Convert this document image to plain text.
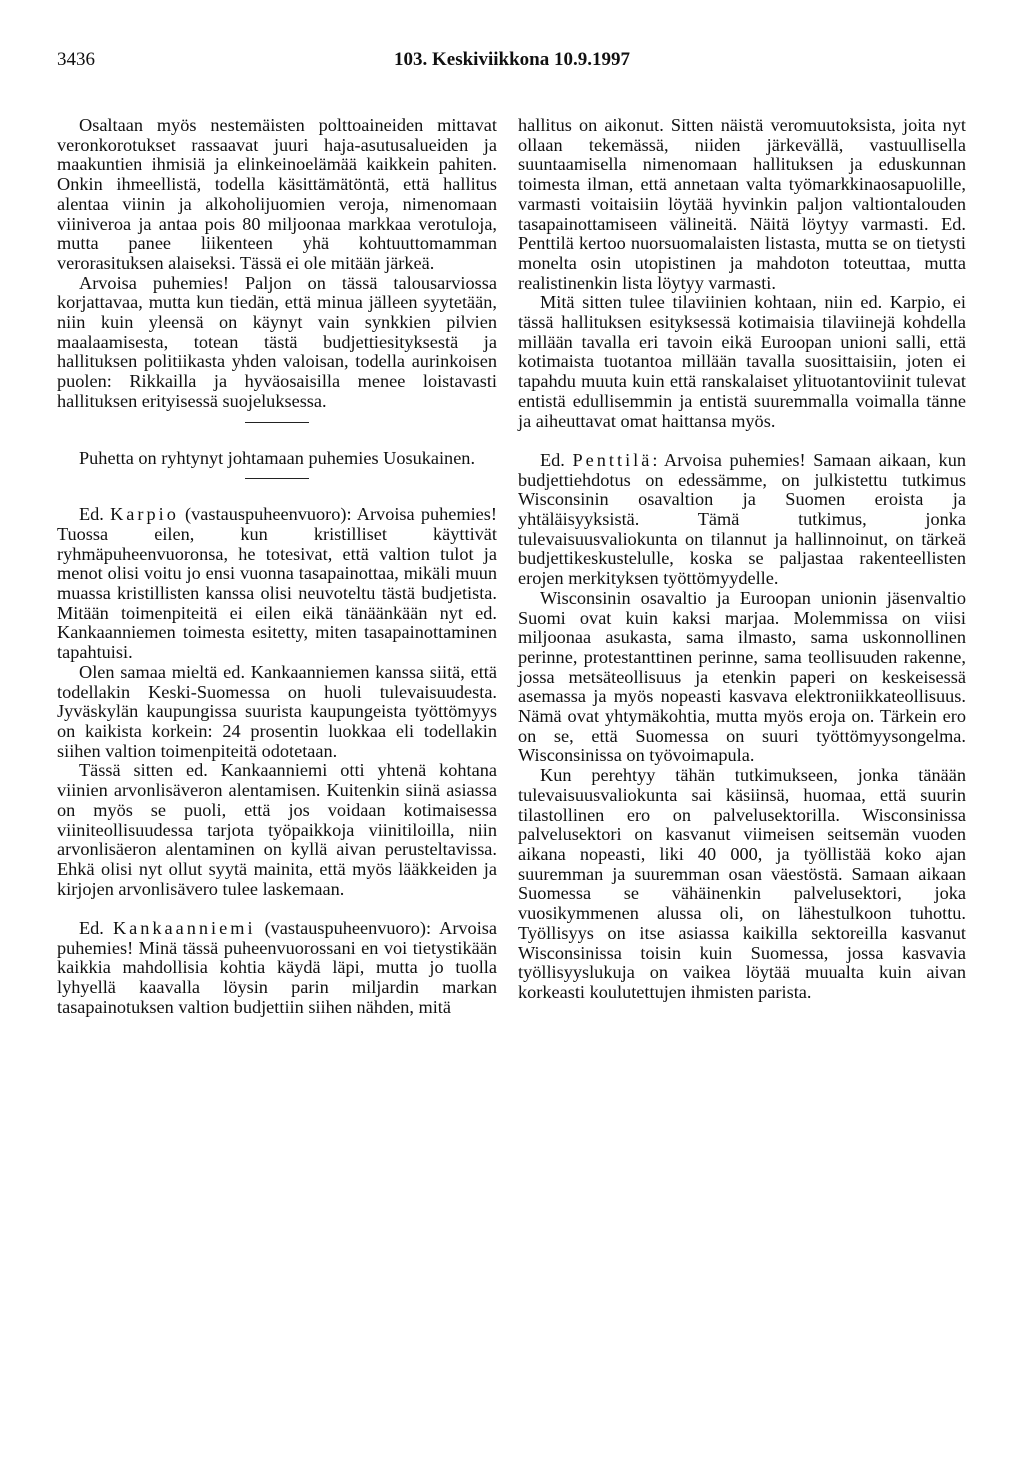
3436	103. Keskiviikkona 10.9.1997

Osaltaan myös nestemäisten polttoaineiden mittavat veronkorotukset rassaavat juuri haja-asutusalueiden ja maakuntien ihmisiä ja elinkeinoelämää kaikkein pahiten. Onkin ihmeellistä, todella käsittämätöntä, että hallitus alentaa viinin ja alkoholijuomien veroja, nimenomaan viiniveroa ja antaa pois 80 miljoonaa markkaa verotuloja, mutta panee liikenteen yhä kohtuuttomamman verorasituksen alaiseksi. Tässä ei ole mitään järkeä.

Arvoisa puhemies! Paljon on tässä talousarviossa korjattavaa, mutta kun tiedän, että minua jälleen syytetään, niin kuin yleensä on käynyt vain synkkien pilvien maalaamisesta, totean tästä budjettiesityksestä ja hallituksen politiikasta yhden valoisan, todella aurinkoisen puolen: Rikkailla ja hyväosaisilla menee loistavasti hallituksen erityisessä suojeluksessa.

Puhetta on ryhtynyt johtamaan puhemies Uosukainen.

Ed. Karpio (vastauspuheenvuoro): Arvoisa puhemies! Tuossa eilen, kun kristilliset käyttivät ryhmäpuheenvuoronsa, he totesivat, että valtion tulot ja menot olisi voitu jo ensi vuonna tasapainottaa, mikäli muun muassa kristillisten kanssa olisi neuvoteltu tästä budjetista. Mitään toimenpiteitä ei eilen eikä tänäänkään nyt ed. Kankaanniemen toimesta esitetty, miten tasapainottaminen tapahtuisi.

Olen samaa mieltä ed. Kankaanniemen kanssa siitä, että todellakin Keski-Suomessa on huoli tulevaisuudesta. Jyväskylän kaupungissa suurista kaupungeista työttömyys on kaikista korkein: 24 prosentin luokkaa eli todellakin siihen valtion toimenpiteitä odotetaan.

Tässä sitten ed. Kankaanniemi otti yhtenä kohtana viinien arvonlisäveron alentamisen. Kuitenkin siinä asiassa on myös se puoli, että jos voidaan kotimaisessa viiniteollisuudessa tarjota työpaikkoja viinitiloilla, niin arvonlisäeron alentaminen on kyllä aivan perusteltavissa. Ehkä olisi nyt ollut syytä mainita, että myös lääkkeiden ja kirjojen arvonlisävero tulee laskemaan.

Ed. Kankaanniemi (vastauspuheenvuoro): Arvoisa puhemies! Minä tässä puheenvuorossani en voi tietystikään kaikkia mahdollisia kohtia käydä läpi, mutta jo tuolla lyhyellä kaavalla löysin parin miljardin markan tasapainotuksen valtion budjettiin siihen nähden, mitä

hallitus on aikonut. Sitten näistä veromuutoksista, joita nyt ollaan tekemässä, niiden järkevällä, vastuullisella suuntaamisella nimenomaan hallituksen ja eduskunnan toimesta ilman, että annetaan valta työmarkkinaosapuolille, varmasti voitaisiin löytää hyvinkin paljon valtiontalouden tasapainottamiseen välineitä. Näitä löytyy varmasti. Ed. Penttilä kertoo nuorsuomalaisten listasta, mutta se on tietysti monelta osin utopistinen ja mahdoton toteuttaa, mutta realistinenkin lista löytyy varmasti.

Mitä sitten tulee tilaviinien kohtaan, niin ed. Karpio, ei tässä hallituksen esityksessä kotimaisia tilaviinejä kohdella millään tavalla eri tavoin eikä Euroopan unioni salli, että kotimaista tuotantoa millään tavalla suosittaisiin, joten ei tapahdu muuta kuin että ranskalaiset ylituotantoviinit tulevat entistä edullisemmin ja entistä suuremmalla voimalla tänne ja aiheuttavat omat haittansa myös.

Ed. Penttilä: Arvoisa puhemies! Samaan aikaan, kun budjettiehdotus on edessämme, on julkistettu tutkimus Wisconsinin osavaltion ja Suomen eroista ja yhtäläisyyksistä. Tämä tutkimus, jonka tulevaisuusvaliokunta on tilannut ja hallinnoinut, on tärkeä budjettikeskustelulle, koska se paljastaa rakenteellisten erojen merkityksen työttömyydelle.

Wisconsinin osavaltio ja Euroopan unionin jäsenvaltio Suomi ovat kuin kaksi marjaa. Molemmissa on viisi miljoonaa asukasta, sama ilmasto, sama uskonnollinen perinne, protestanttinen perinne, sama teollisuuden rakenne, jossa metsäteollisuus ja etenkin paperi on keskeisessä asemassa ja myös nopeasti kasvava elektroniikkateollisuus. Nämä ovat yhtymäkohtia, mutta myös eroja on. Tärkein ero on se, että Suomessa on suuri työttömyysongelma. Wisconsinissa on työvoimapula.

Kun perehtyy tähän tutkimukseen, jonka tänään tulevaisuusvaliokunta sai käsiinsä, huomaa, että suurin tilastollinen ero on palvelusektorilla. Wisconsinissa palvelusektori on kasvanut viimeisen seitsemän vuoden aikana nopeasti, liki 40 000, ja työllistää koko ajan suuremman ja suuremman osan väestöstä. Samaan aikaan Suomessa se vähäinenkin palvelusektori, joka vuosikymmenen alussa oli, on lähestulkoon tuhottu. Työllisyys on itse asiassa kaikilla sektoreilla kasvanut Wisconsinissa toisin kuin Suomessa, jossa kasvavia työllisyyslukuja on vaikea löytää muualta kuin aivan korkeasti koulutettujen ihmisten parista.
